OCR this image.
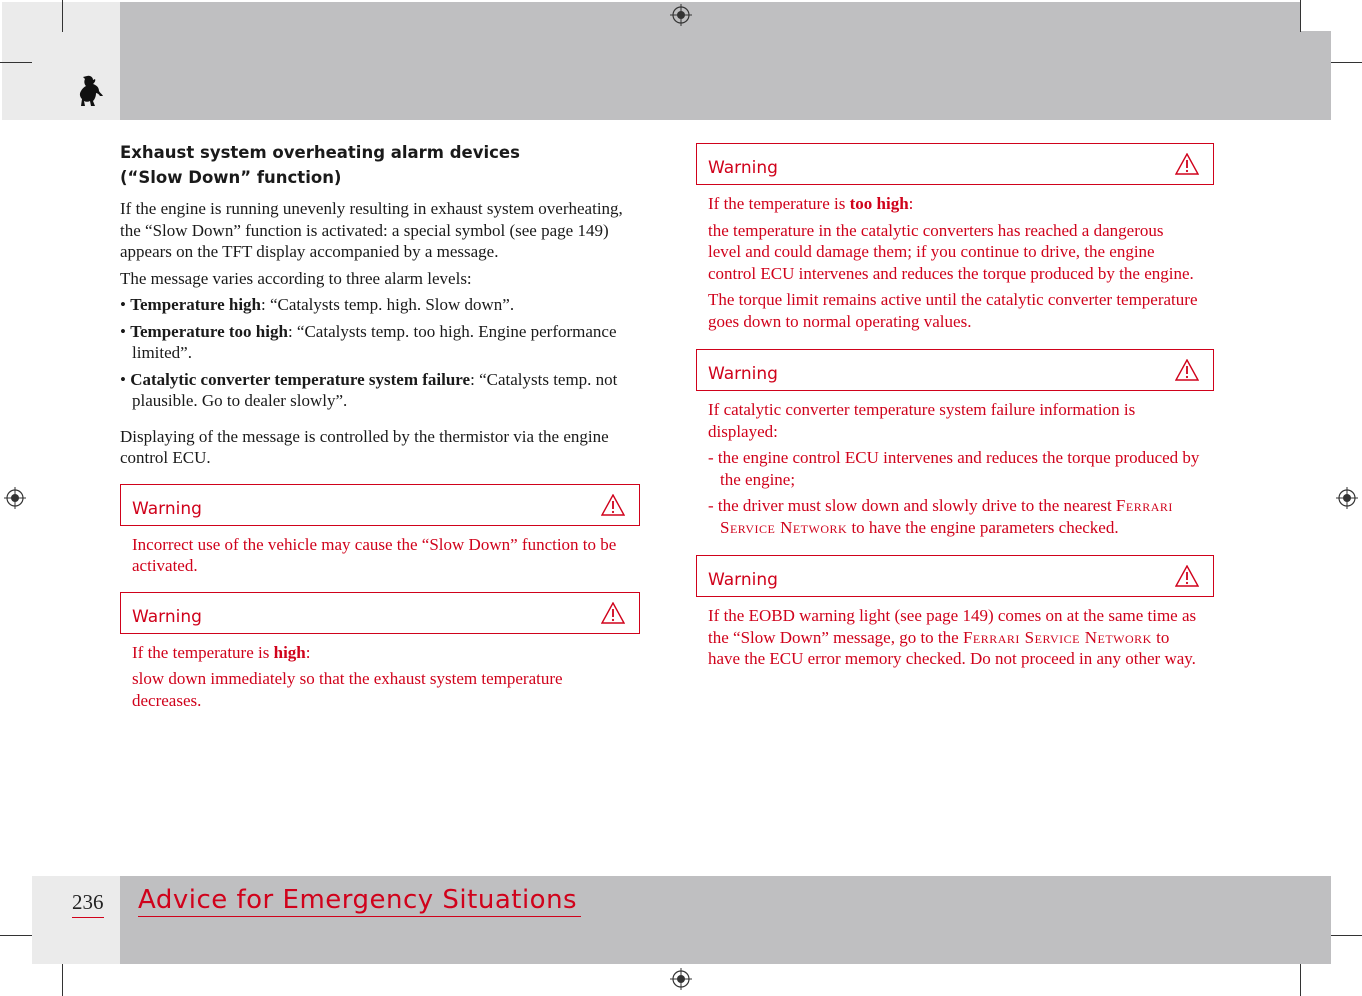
Exhaust system overheating alarm devices
(“Slow Down” function)

If the engine is running unevenly resulting in exhaust system overheating, the “Slow Down” function is activated: a special symbol (see page 149) appears on the TFT display accompanied by a message.

The message varies according to three alarm levels:

• Temperature high: “Catalysts temp. high. Slow down”.

• Temperature too high: “Catalysts temp. too high. Engine performance limited”.

• Catalytic converter temperature system failure: “Catalysts temp. not plausible. Go to dealer slowly”.

Displaying of the message is controlled by the thermistor via the engine control ECU.

Warning

Incorrect use of the vehicle may cause the “Slow Down” function to be activated.

Warning

If the temperature is high:

slow down immediately so that the exhaust system temperature decreases.

Warning

If the temperature is too high:

the temperature in the catalytic converters has reached a dangerous level and could damage them; if you continue to drive, the engine control ECU intervenes and reduces the torque produced by the engine.

The torque limit remains active until the catalytic converter temperature goes down to normal operating values.

Warning

If catalytic converter temperature system failure information is displayed:

- the engine control ECU intervenes and reduces the torque produced by the engine;

- the driver must slow down and slowly drive to the nearest Ferrari Service Network to have the engine parameters checked.

Warning

If the EOBD warning light (see page 149) comes on at the same time as the “Slow Down” message, go to the Ferrari Service Network to have the ECU error memory checked. Do not proceed in any other way.

236 Advice for Emergency Situations
